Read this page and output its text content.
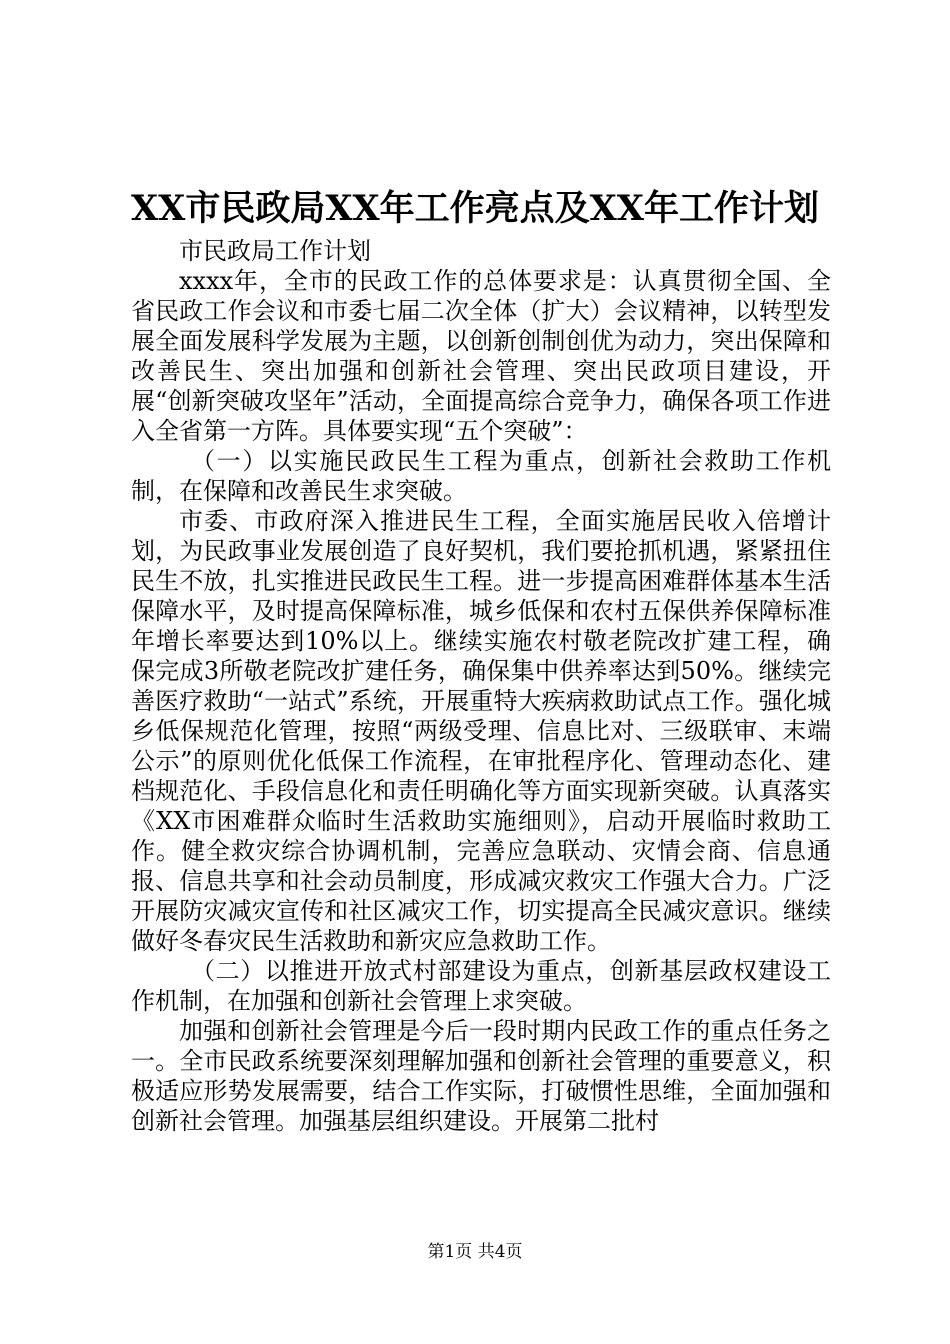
XX市民政局XX年工作亮点及XX年工作计划

市民政局工作计划

xxxx年，全市的民政工作的总体要求是：认真贯彻全国、全省民政工作会议和市委七届二次全体（扩大）会议精神，以转型发展全面发展科学发展为主题，以创新创制创优为动力，突出保障和改善民生、突出加强和创新社会管理、突出民政项目建设，开展“创新突破攻坚年”活动，全面提高综合竞争力，确保各项工作进入全省第一方阵。具体要实现“五个突破”：

（一）以实施民政民生工程为重点，创新社会救助工作机制，在保障和改善民生求突破。

市委、市政府深入推进民生工程，全面实施居民收入倍增计划，为民政事业发展创造了良好契机，我们要抢抓机遇，紧紧扭住民生不放，扎实推进民政民生工程。进一步提高困难群体基本生活保障水平，及时提高保障标准，城乡低保和农村五保供养保障标准年增长率要达到10%以上。继续实施农村敬老院改扩建工程，确保完成3所敬老院改扩建任务，确保集中供养率达到50%。继续完善医疗救助“一站式”系统，开展重特大疾病救助试点工作。强化城乡低保规范化管理，按照“两级受理、信息比对、三级联审、末端公示”的原则优化低保工作流程，在审批程序化、管理动态化、建档规范化、手段信息化和责任明确化等方面实现新突破。认真落实《XX市困难群众临时生活救助实施细则》，启动开展临时救助工作。健全救灾综合协调机制，完善应急联动、灾情会商、信息通报、信息共享和社会动员制度，形成减灾救灾工作强大合力。广泛开展防灾减灾宣传和社区减灾工作，切实提高全民减灾意识。继续做好冬春灾民生活救助和新灾应急救助工作。

（二）以推进开放式村部建设为重点，创新基层政权建设工作机制，在加强和创新社会管理上求突破。

加强和创新社会管理是今后一段时期内民政工作的重点任务之一。全市民政系统要深刻理解加强和创新社会管理的重要意义，积极适应形势发展需要，结合工作实际，打破惯性思维，全面加强和创新社会管理。加强基层组织建设。开展第二批村

第1页 共4页
